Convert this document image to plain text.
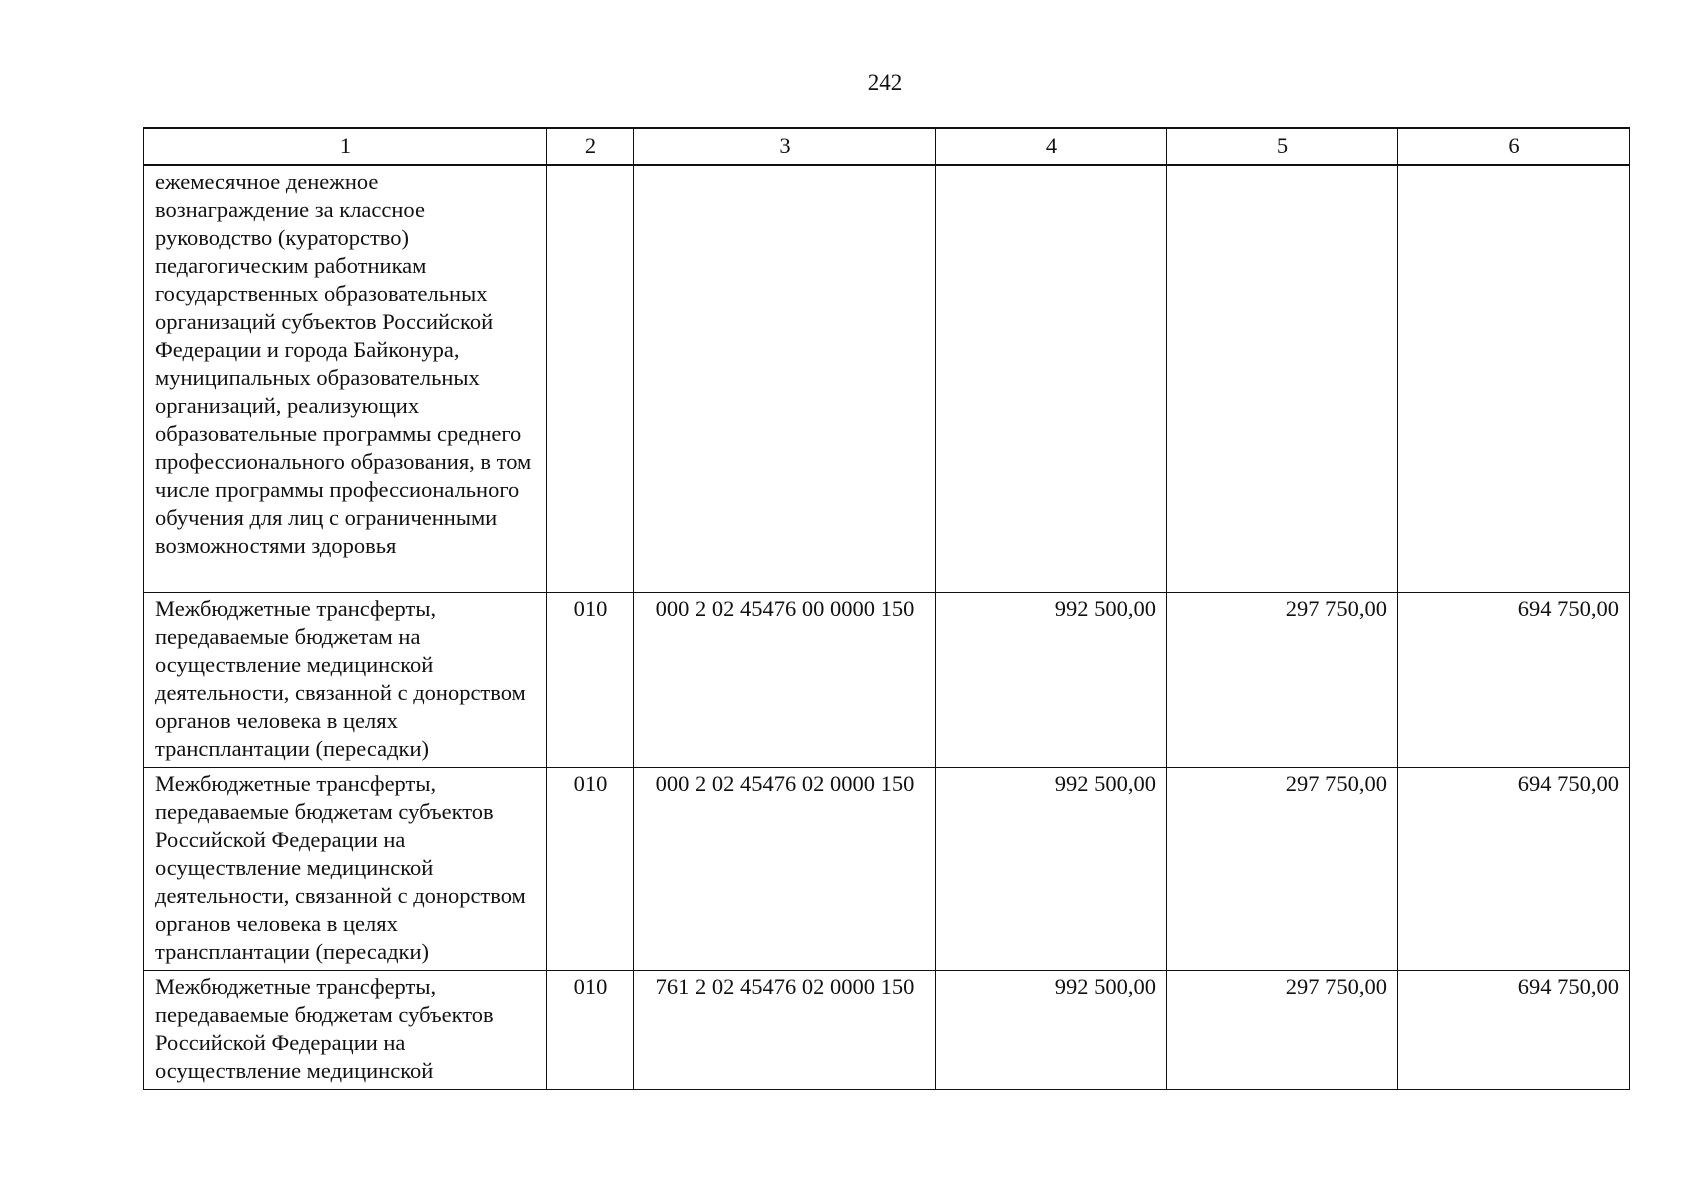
242
1	2	3	4	5	6
ежемесячное денежное вознаграждение за классное руководство (кураторство) педагогическим работникам государственных образовательных организаций субъектов Российской Федерации и города Байконура, муниципальных образовательных организаций, реализующих образовательные программы среднего профессионального образования, в том числе программы профессионального обучения для лиц с ограниченными возможностями здоровья					
Межбюджетные трансферты, передаваемые бюджетам на осуществление медицинской деятельности, связанной с донорством органов человека в целях трансплантации (пересадки)	010	000 2 02 45476 00 0000 150	992 500,00	297 750,00	694 750,00
Межбюджетные трансферты, передаваемые бюджетам субъектов Российской Федерации на осуществление медицинской деятельности, связанной с донорством органов человека в целях трансплантации (пересадки)	010	000 2 02 45476 02 0000 150	992 500,00	297 750,00	694 750,00
Межбюджетные трансферты, передаваемые бюджетам субъектов Российской Федерации на осуществление медицинской	010	761 2 02 45476 02 0000 150	992 500,00	297 750,00	694 750,00
